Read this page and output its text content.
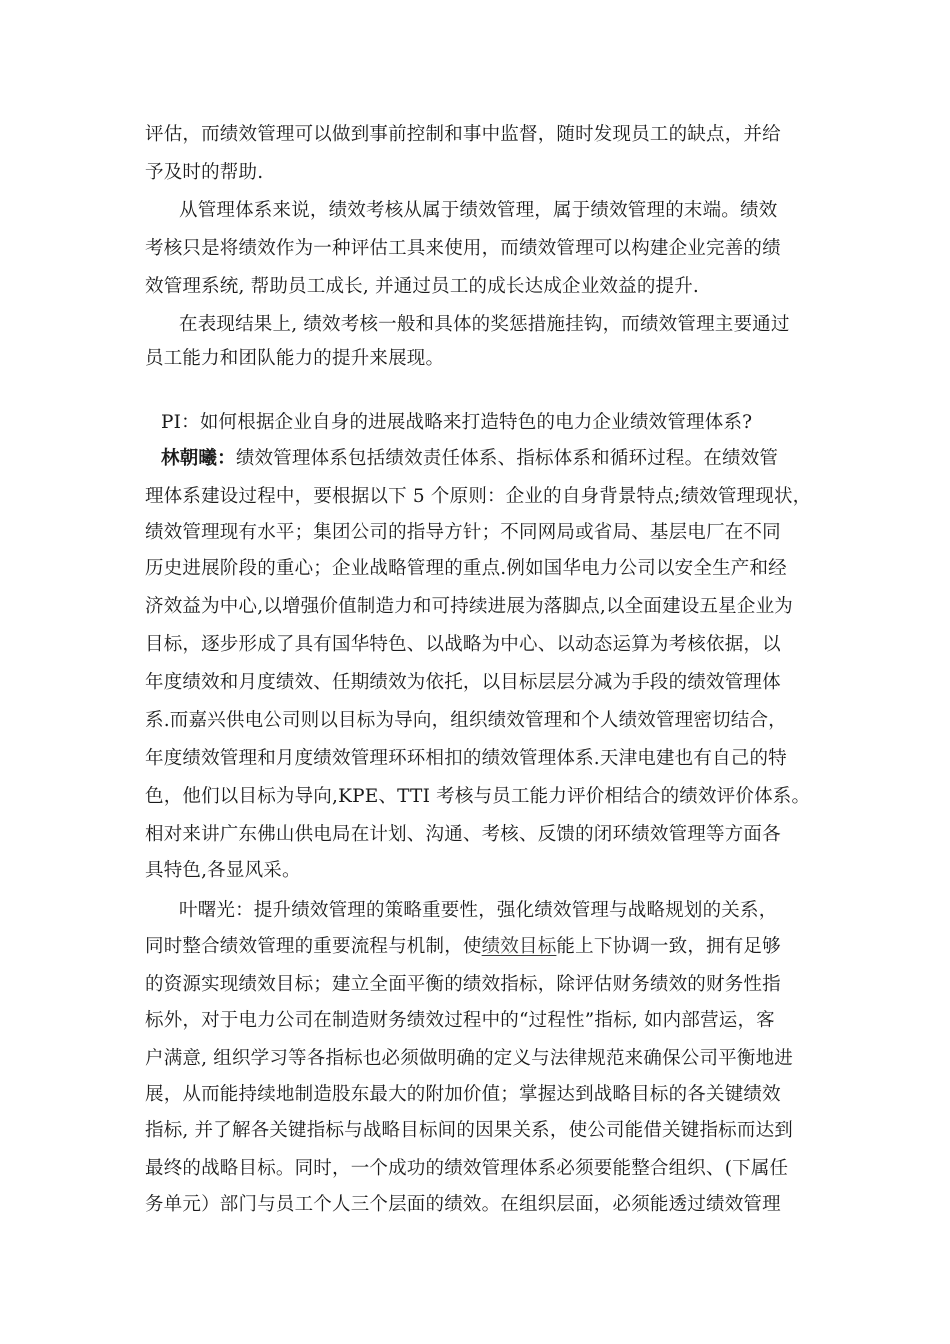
评估，而绩效管理可以做到事前控制和事中监督，随时发现员工的缺点，并给
予及时的帮助.
从管理体系来说，绩效考核从属于绩效管理，属于绩效管理的末端。绩效
考核只是将绩效作为一种评估工具来使用，而绩效管理可以构建企业完善的绩
效管理系统, 帮助员工成长, 并通过员工的成长达成企业效益的提升.
在表现结果上, 绩效考核一般和具体的奖惩措施挂钩，而绩效管理主要通过
员工能力和团队能力的提升来展现。
PI：如何根据企业自身的进展战略来打造特色的电力企业绩效管理体系?
林朝曦：绩效管理体系包括绩效责任体系、指标体系和循环过程。在绩效管
理体系建设过程中，要根据以下 5 个原则：企业的自身背景特点;绩效管理现状，
绩效管理现有水平；集团公司的指导方针；不同网局或省局、基层电厂在不同
历史进展阶段的重心；企业战略管理的重点.例如国华电力公司以安全生产和经
济效益为中心,以增强价值制造力和可持续进展为落脚点,以全面建设五星企业为
目标，逐步形成了具有国华特色、以战略为中心、以动态运算为考核依据，以
年度绩效和月度绩效、任期绩效为依托，以目标层层分减为手段的绩效管理体
系.而嘉兴供电公司则以目标为导向，组织绩效管理和个人绩效管理密切结合，
年度绩效管理和月度绩效管理环环相扣的绩效管理体系.天津电建也有自己的特
色，他们以目标为导向,KPE、TTI 考核与员工能力评价相结合的绩效评价体系。
相对来讲广东佛山供电局在计划、沟通、考核、反馈的闭环绩效管理等方面各
具特色,各显风采。
叶曙光：提升绩效管理的策略重要性，强化绩效管理与战略规划的关系，
同时整合绩效管理的重要流程与机制，使绩效目标能上下协调一致，拥有足够
的资源实现绩效目标；建立全面平衡的绩效指标，除评估财务绩效的财务性指
标外，对于电力公司在制造财务绩效过程中的“过程性”指标, 如内部营运，客
户满意, 组织学习等各指标也必须做明确的定义与法律规范来确保公司平衡地进
展，从而能持续地制造股东最大的附加价值；掌握达到战略目标的各关键绩效
指标, 并了解各关键指标与战略目标间的因果关系，使公司能借关键指标而达到
最终的战略目标。同时，一个成功的绩效管理体系必须要能整合组织、(下属任
务单元）部门与员工个人三个层面的绩效。在组织层面，必须能透过绩效管理
